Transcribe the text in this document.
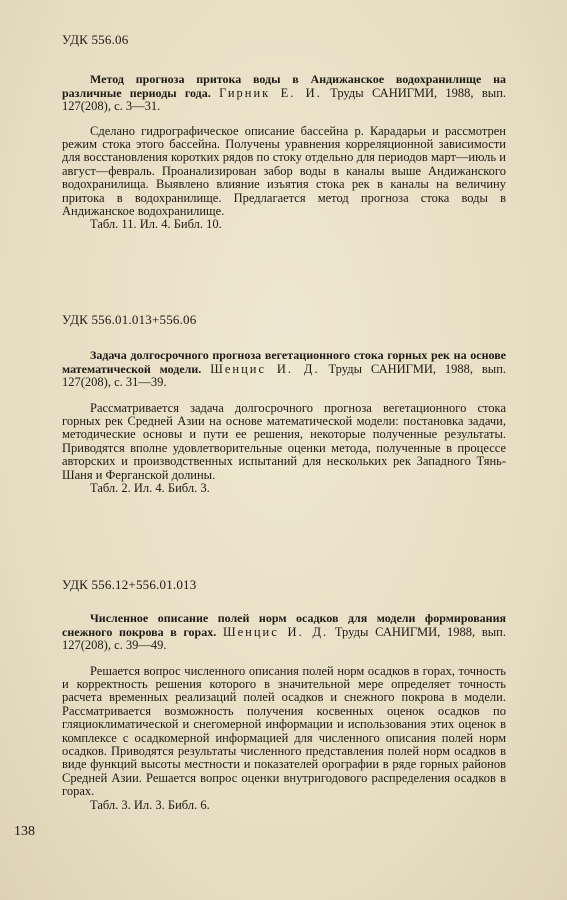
УДК 556.06

Метод прогноза притока воды в Андижанское водохранилище на различные периоды года. Гирник Е. И. Труды САНИГМИ, 1988, вып. 127(208), с. 3—31.

Сделано гидрографическое описание бассейна р. Карадарьи и рассмотрен режим стока этого бассейна. Получены уравнения корреляционной зависимости для восстановления коротких рядов по стоку отдельно для периодов март—июль и август—февраль. Проанализирован забор воды в каналы выше Андижанского водохранилища. Выявлено влияние изъятия стока рек в каналы на величину притока в водохранилище. Предлагается метод прогноза стока воды в Андижанское водохранилище.

Табл. 11. Ил. 4. Библ. 10.

УДК 556.01.013+556.06

Задача долгосрочного прогноза вегетационного стока горных рек на основе математической модели. Шенцис И. Д. Труды САНИГМИ, 1988, вып. 127(208), с. 31—39.

Рассматривается задача долгосрочного прогноза вегетационного стока горных рек Средней Азии на основе математической модели: постановка задачи, методические основы и пути ее решения, некоторые полученные результаты. Приводятся вполне удовлетворительные оценки метода, полученные в процессе авторских и производственных испытаний для нескольких рек Западного Тянь-Шаня и Ферганской долины.

Табл. 2. Ил. 4. Библ. 3.

УДК 556.12+556.01.013

Численное описание полей норм осадков для модели формирования снежного покрова в горах. Шенцис И. Д. Труды САНИГМИ, 1988, вып. 127(208), с. 39—49.

Решается вопрос численного описания полей норм осадков в горах, точность и корректность решения которого в значительной мере определяет точность расчета временных реализаций полей осадков и снежного покрова в модели. Рассматривается возможность получения косвенных оценок осадков по гляциоклиматической и снегомерной информации и использования этих оценок в комплексе с осадкомерной информацией для численного описания полей норм осадков. Приводятся результаты численного представления полей норм осадков в виде функций высоты местности и показателей орографии в ряде горных районов Средней Азии. Решается вопрос оценки внутригодового распределения осадков в горах.

Табл. 3. Ил. 3. Библ. 6.

138
